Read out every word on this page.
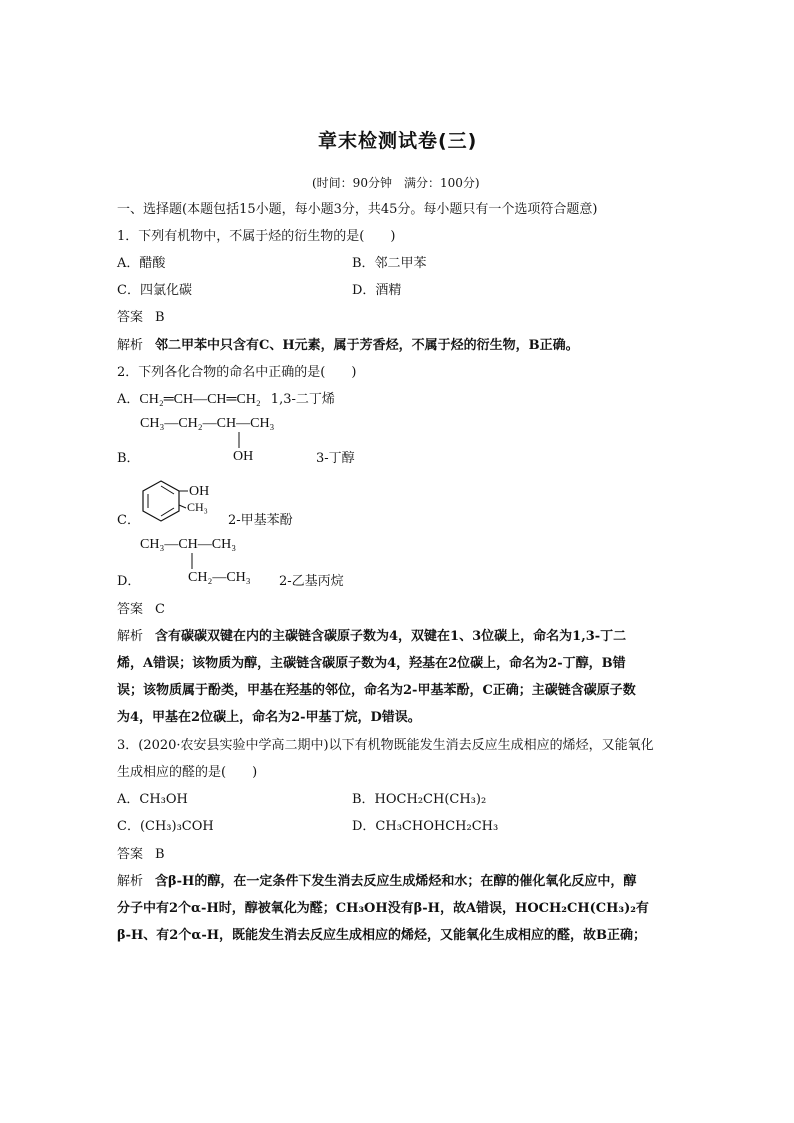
章末检测试卷(三)
(时间：90分钟　满分：100分)
一、选择题(本题包括15小题，每小题3分，共45分。每小题只有一个选项符合题意)
1．下列有机物中，不属于烃的衍生物的是(　　)
A．醋酸	B．邻二甲苯
C．四氯化碳	D．酒精
答案 B
解析 邻二甲苯中只含有C、H元素，属于芳香烃，不属于烃的衍生物，B正确。
2．下列各化合物的命名中正确的是(　　)
A．CH₂═CH—CH═CH₂ 1,3-二丁烯
CH₃—CH₂—CH—CH₃
B．	OH	3-丁醇
OH
CH₃
C．	2-甲基苯酚
CH₃—CH—CH₃
D．	CH₂—CH₃ 2-乙基丙烷
答案 C
解析 含有碳碳双键在内的主碳链含碳原子数为4，双键在1、3位碳上，命名为1,3-丁二
烯，A错误；该物质为醇，主碳链含碳原子数为4，羟基在2位碳上，命名为2-丁醇，B错
误；该物质属于酚类，甲基在羟基的邻位，命名为2-甲基苯酚，C正确；主碳链含碳原子数
为4，甲基在2位碳上，命名为2-甲基丁烷，D错误。
3．(2020·农安县实验中学高二期中)以下有机物既能发生消去反应生成相应的烯烃，又能氧化
生成相应的醛的是(　　)
A．CH₃OH	B．HOCH₂CH(CH₃)₂
C．(CH₃)₃COH	D．CH₃CHOHCH₂CH₃
答案 B
解析 含β-H的醇，在一定条件下发生消去反应生成烯烃和水；在醇的催化氧化反应中，醇
分子中有2个α-H时，醇被氧化为醛；CH₃OH没有β-H，故A错误，HOCH₂CH(CH₃)₂有
β-H、有2个α-H，既能发生消去反应生成相应的烯烃，又能氧化生成相应的醛，故B正确；
